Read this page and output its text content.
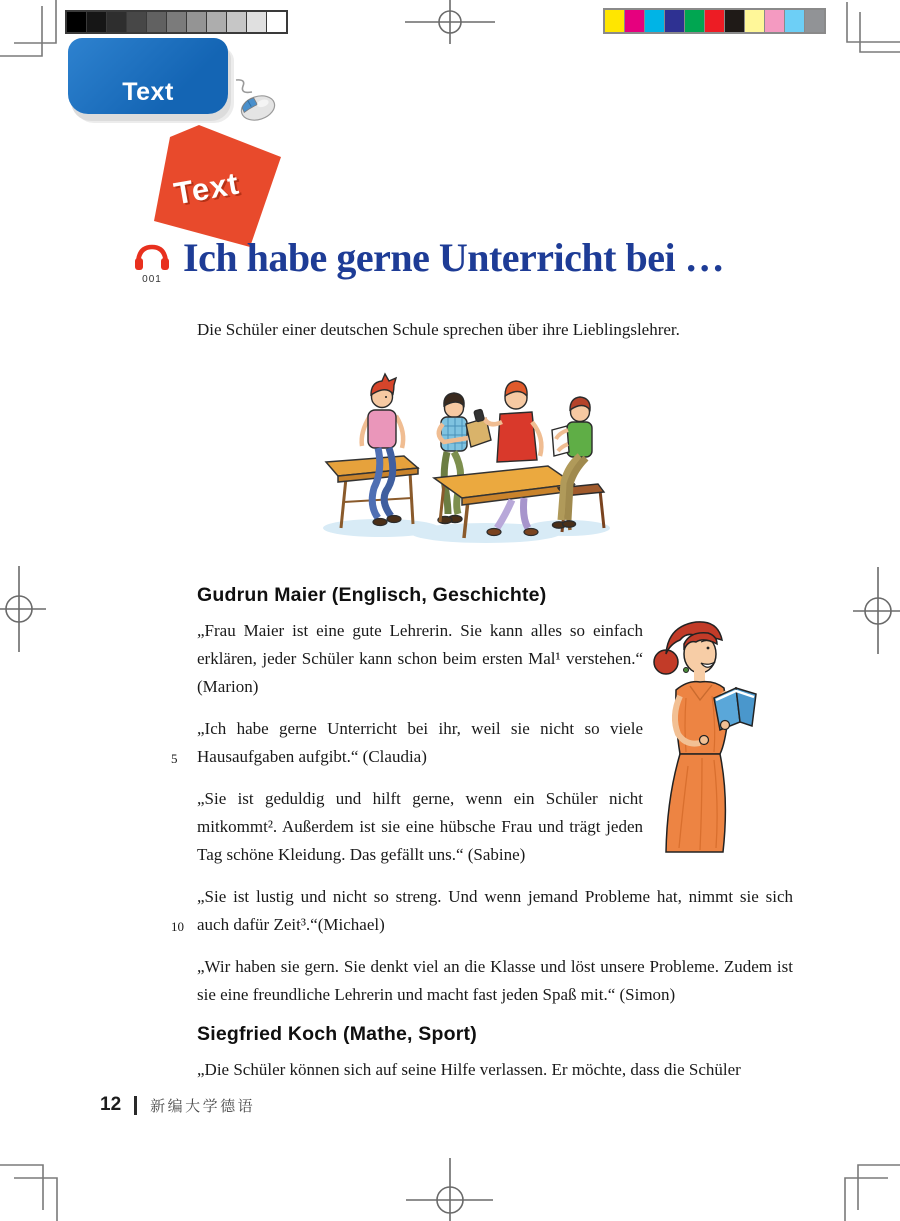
Text
Text
001 Ich habe gerne Unterricht bei …

Die Schüler einer deutschen Schule sprechen über ihre Lieblingslehrer.

Gudrun Maier (Englisch, Geschichte)

„Frau Maier ist eine gute Lehrerin. Sie kann alles so einfach erklären, jeder Schüler kann schon beim ersten Mal¹ verstehen.“ (Marion)

5
„Ich habe gerne Unterricht bei ihr, weil sie nicht so viele Hausaufgaben aufgibt.“ (Claudia)

„Sie ist geduldig und hilft gerne, wenn ein Schüler nicht mitkommt². Außerdem ist sie eine hübsche Frau und trägt jeden Tag schöne Kleidung. Das gefällt uns.“ (Sabine)

10
„Sie ist lustig und nicht so streng. Und wenn jemand Probleme hat, nimmt sie sich auch dafür Zeit³.“(Michael)

„Wir haben sie gern. Sie denkt viel an die Klasse und löst unsere Probleme. Zudem ist sie eine freundliche Lehrerin und macht fast jeden Spaß mit.“ (Simon)

Siegfried Koch (Mathe, Sport)

„Die Schüler können sich auf seine Hilfe verlassen. Er möchte, dass die Schüler

12 新编大学德语
